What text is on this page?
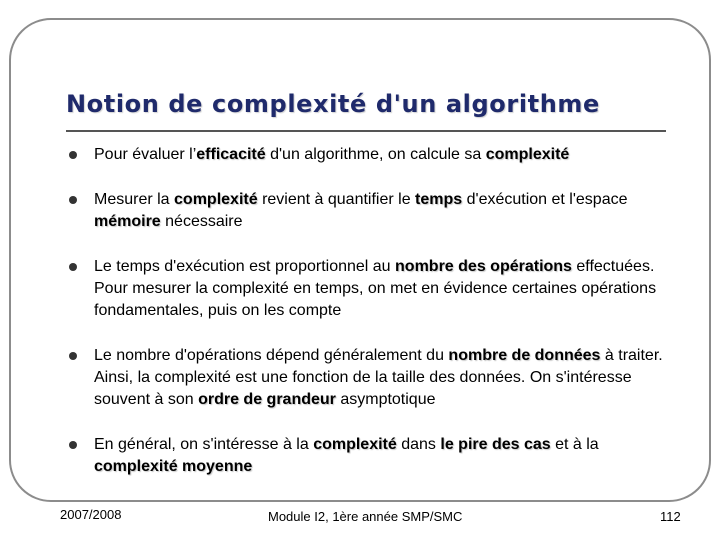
Notion de complexité d'un algorithme
Pour évaluer l’efficacité d'un algorithme, on calcule sa complexité
Mesurer la complexité revient à quantifier le temps d'exécution et l'espace mémoire nécessaire
Le temps d'exécution est proportionnel au nombre des opérations effectuées. Pour mesurer la complexité en temps, on met en évidence certaines opérations fondamentales, puis on les compte
Le nombre d'opérations dépend généralement du nombre de données à traiter. Ainsi, la complexité est une fonction de la taille des données. On s'intéresse souvent à son ordre de grandeur asymptotique
En général, on s'intéresse à la complexité dans le pire des cas et à la complexité moyenne
2007/2008	Module I2, 1ère année SMP/SMC	112
